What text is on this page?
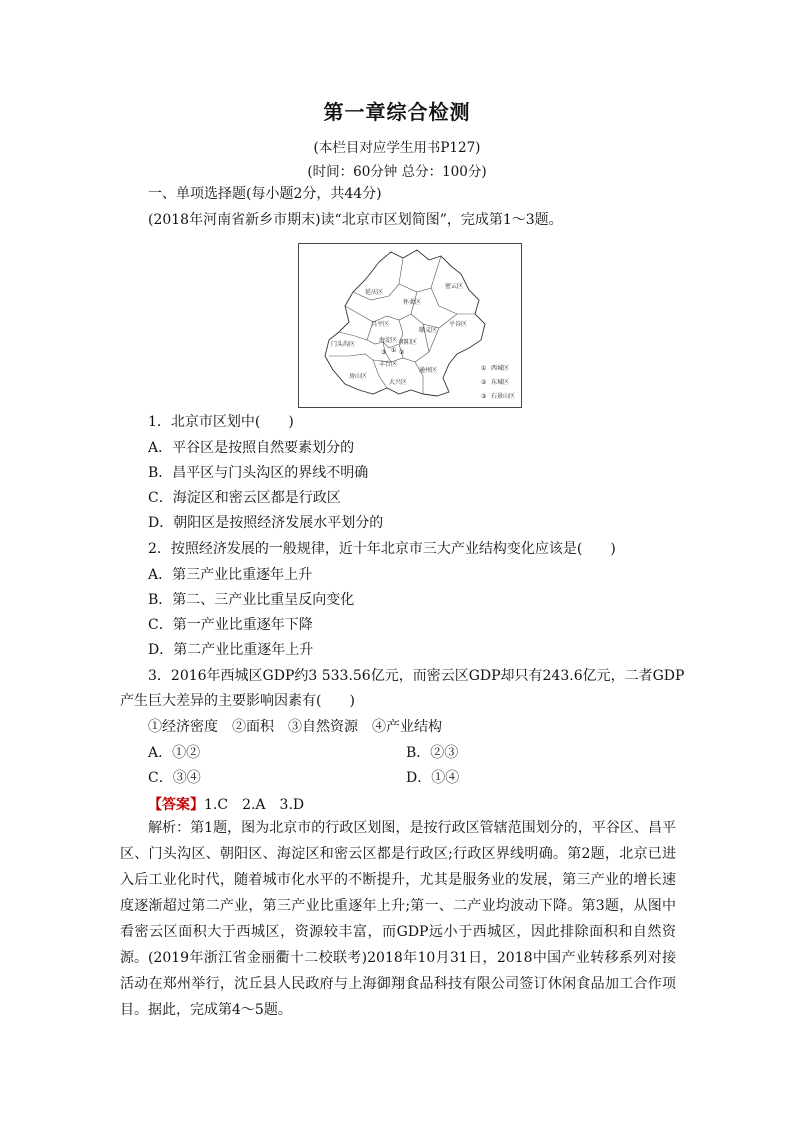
第一章综合检测
(本栏目对应学生用书P127)
(时间：60分钟 总分：100分)
一、单项选择题(每小题2分，共44分)
(2018年河南省新乡市期末)读“北京市区划简图”，完成第1～3题。
延庆区
怀柔区
密云区
昌平区
顺义区
平谷区
门头沟区
海淀区 朝阳区
丰台区
房山区
大兴区
通州区
① ②
③
① 西城区
② 东城区
③ 石景山区
1．北京市区划中(　　)
A．平谷区是按照自然要素划分的
B．昌平区与门头沟区的界线不明确
C．海淀区和密云区都是行政区
D．朝阳区是按照经济发展水平划分的
2．按照经济发展的一般规律，近十年北京市三大产业结构变化应该是(　　)
A．第三产业比重逐年上升
B．第二、三产业比重呈反向变化
C．第一产业比重逐年下降
D．第二产业比重逐年上升
3．2016年西城区GDP约3 533.56亿元，而密云区GDP却只有243.6亿元，二者GDP
产生巨大差异的主要影响因素有(　　)
①经济密度　②面积　③自然资源　④产业结构
A．①②	B．②③
C．③④	D．①④
【答案】1.C　2.A　3.D
解析：第1题，图为北京市的行政区划图，是按行政区管辖范围划分的，平谷区、昌平区、门头沟区、朝阳区、海淀区和密云区都是行政区;行政区界线明确。第2题，北京已进入后工业化时代，随着城市化水平的不断提升，尤其是服务业的发展，第三产业的增长速度逐渐超过第二产业，第三产业比重逐年上升;第一、二产业均波动下降。第3题，从图中看密云区面积大于西城区，资源较丰富，而GDP远小于西城区，因此排除面积和自然资源。 (2019年浙江省金丽衢十二校联考)2018年10月31日，2018中国产业转移系列对接活动在郑州举行，沈丘县人民政府与上海御翔食品科技有限公司签订休闲食品加工合作项目。据此，完成第4～5题。
